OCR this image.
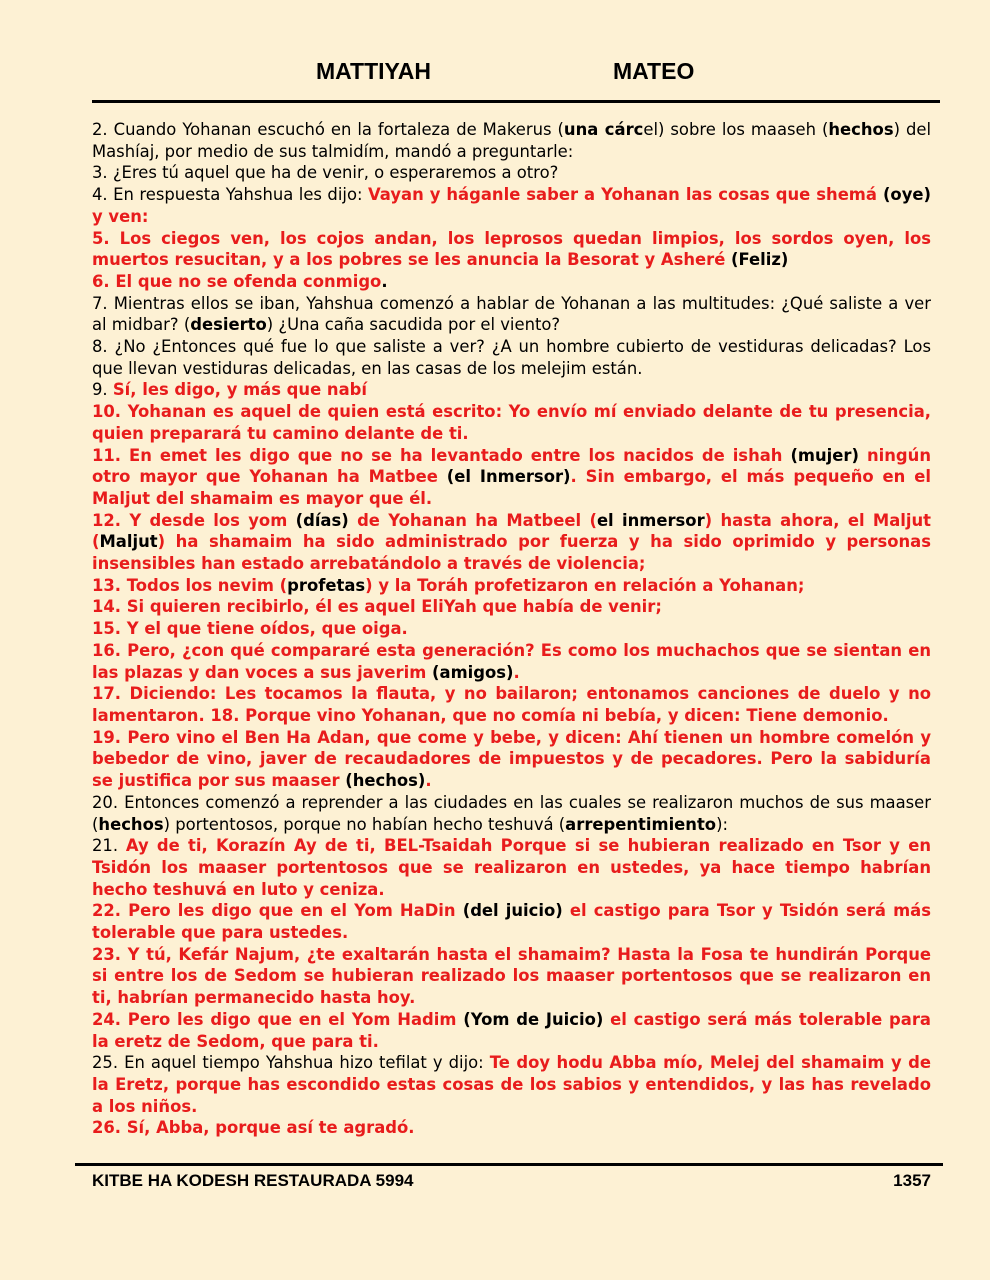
MATTIYAH	MATEO

2. Cuando Yohanan escuchó en la fortaleza de Makerus (una cárcel) sobre los maaseh (hechos) del Mashíaj, por medio de sus talmidím, mandó a preguntarle:

3. ¿Eres tú aquel que ha de venir, o esperaremos a otro?

4. En respuesta Yahshua les dijo: Vayan y háganle saber a Yohanan las cosas que shemá (oye) y ven:

5. Los ciegos ven, los cojos andan, los leprosos quedan limpios, los sordos oyen, los muertos resucitan, y a los pobres se les anuncia la Besorat y Asheré (Feliz)

6. El que no se ofenda conmigo.

7. Mientras ellos se iban, Yahshua comenzó a hablar de Yohanan a las multitudes: ¿Qué saliste a ver al midbar? (desierto) ¿Una caña sacudida por el viento?

8. ¿No ¿Entonces qué fue lo que saliste a ver? ¿A un hombre cubierto de vestiduras delicadas? Los que llevan vestiduras delicadas, en las casas de los melejim están.

9. Sí, les digo, y más que nabí

10. Yohanan es aquel de quien está escrito: Yo envío mí enviado delante de tu presencia, quien preparará tu camino delante de ti.

11. En emet les digo que no se ha levantado entre los nacidos de ishah (mujer) ningún otro mayor que Yohanan ha Matbee (el Inmersor). Sin embargo, el más pequeño en el Maljut del shamaim es mayor que él.

12. Y desde los yom (días) de Yohanan ha Matbeel (el inmersor) hasta ahora, el Maljut (Maljut) ha shamaim ha sido administrado por fuerza y ha sido oprimido y personas insensibles han estado arrebatándolo a través de violencia;

13. Todos los nevim (profetas) y la Toráh profetizaron en relación a Yohanan;

14. Si quieren recibirlo, él es aquel EliYah que había de venir;

15. Y el que tiene oídos, que oiga.

16. Pero, ¿con qué compararé esta generación? Es como los muchachos que se sientan en las plazas y dan voces a sus javerim (amigos).

17. Diciendo: Les tocamos la flauta, y no bailaron; entonamos canciones de duelo y no lamentaron. 18. Porque vino Yohanan, que no comía ni bebía, y dicen: Tiene demonio.

19. Pero vino el Ben Ha Adan, que come y bebe, y dicen: Ahí tienen un hombre comelón y bebedor de vino, javer de recaudadores de impuestos y de pecadores. Pero la sabiduría se justifica por sus maaser (hechos).

20. Entonces comenzó a reprender a las ciudades en las cuales se realizaron muchos de sus maaser (hechos) portentosos, porque no habían hecho teshuvá (arrepentimiento):

21. Ay de ti, Korazín Ay de ti, BEL-Tsaidah Porque si se hubieran realizado en Tsor y en Tsidón los maaser portentosos que se realizaron en ustedes, ya hace tiempo habrían hecho teshuvá en luto y ceniza.

22. Pero les digo que en el Yom HaDin (del juicio) el castigo para Tsor y Tsidón será más tolerable que para ustedes.

23. Y tú, Kefár Najum, ¿te exaltarán hasta el shamaim? Hasta la Fosa te hundirán Porque si entre los de Sedom se hubieran realizado los maaser portentosos que se realizaron en ti, habrían permanecido hasta hoy.

24. Pero les digo que en el Yom Hadim (Yom de Juicio) el castigo será más tolerable para la eretz de Sedom, que para ti.

25. En aquel tiempo Yahshua hizo tefilat y dijo: Te doy hodu Abba mío, Melej del shamaim y de la Eretz, porque has escondido estas cosas de los sabios y entendidos, y las has revelado a los niños.

26. Sí, Abba, porque así te agradó.

KITBE HA KODESH RESTAURADA 5994	1357
